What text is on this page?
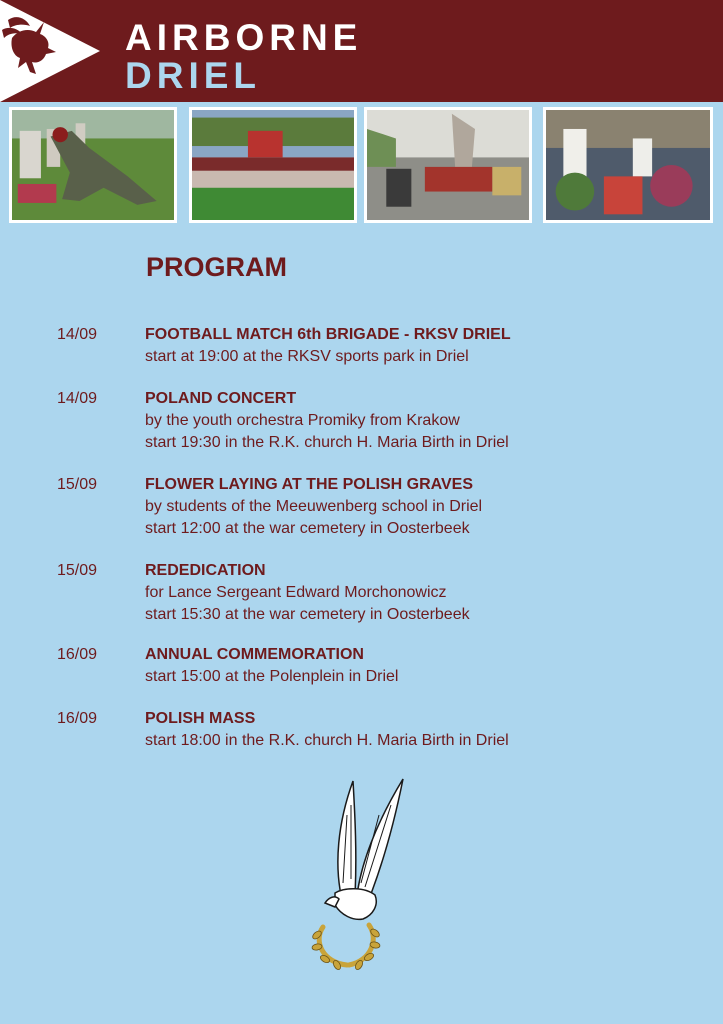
AIRBORNE
DRIEL
PROGRAM
14/09	FOOTBALL MATCH 6th BRIGADE - RKSV DRIEL
start at 19:00 at the RKSV sports park in Driel
14/09	POLAND CONCERT
by the youth orchestra Promiky from Krakow
start 19:30 in the R.K. church H. Maria Birth in Driel
15/09	FLOWER LAYING AT THE POLISH GRAVES
by students of the Meeuwenberg school in Driel
start 12:00 at the war cemetery in Oosterbeek
15/09	REDEDICATION
for Lance Sergeant Edward Morchonowicz
start 15:30 at the war cemetery in Oosterbeek
16/09	ANNUAL COMMEMORATION
start 15:00 at the Polenplein in Driel
16/09	POLISH MASS
start 18:00 in the R.K. church H. Maria Birth in Driel
